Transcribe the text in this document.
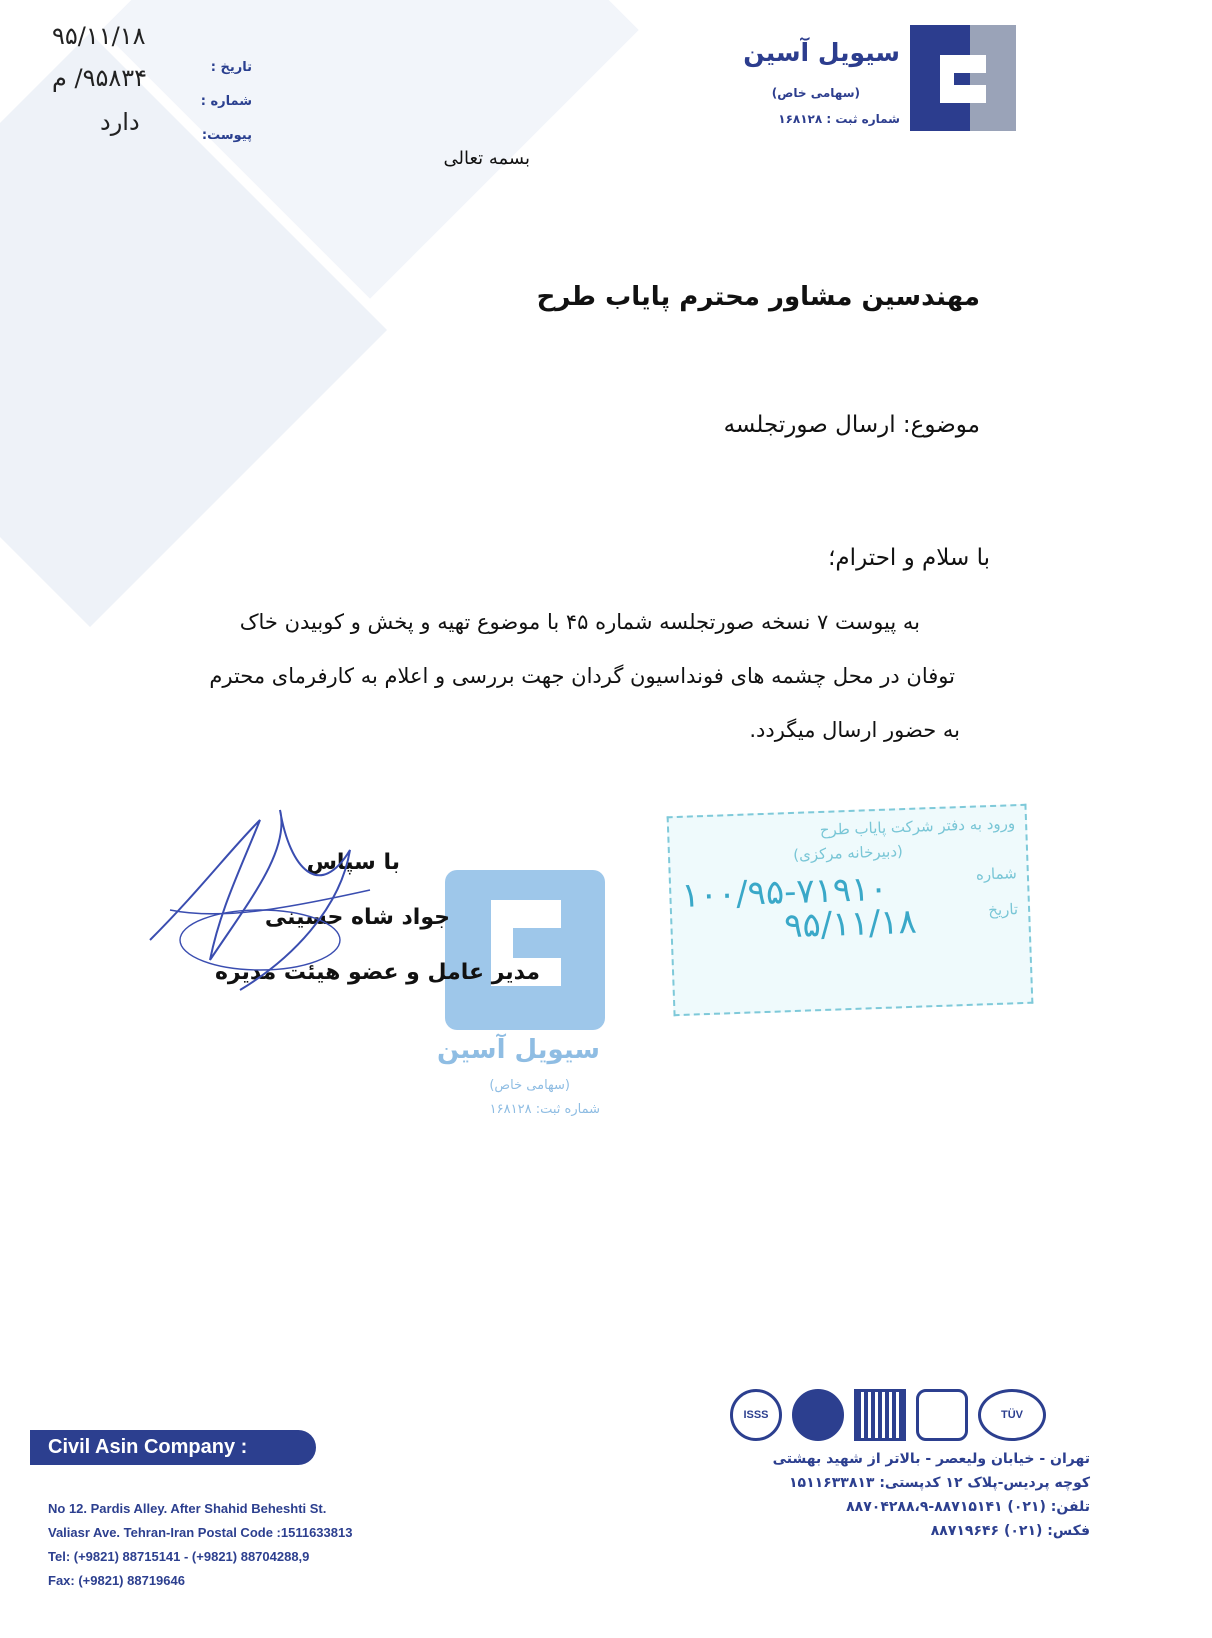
۹۵/۱۱/۱۸
۹۵۸۳۴/ م
دارد
تاریخ :
شماره :
پیوست:
سیویل آسین
(سهامی خاص)
شماره ثبت : ۱۶۸۱۲۸
بسمه تعالی
مهندسین مشاور محترم پایاب طرح
موضوع: ارسال صورتجلسه
با سلام و احترام؛
به پیوست ۷ نسخه صورتجلسه شماره ۴۵ با موضوع تهیه و پخش و کوبیدن خاک
توفان در محل چشمه های فونداسیون گردان جهت بررسی و اعلام به کارفرمای محترم
به حضور ارسال میگردد.
سیویل آسین
(سهامی خاص)
شماره ثبت: ۱۶۸۱۲۸
با سپاس
جواد شاه حسینی
مدیر عامل و عضو هیئت مدیره
ورود به دفتر شرکت پایاب طرح
(دبیرخانه مرکزی)
شماره
۱۰۰/۹۵-۷۱۹۱۰	تاریخ
۹۵/۱۱/۱۸
ISSS	TÜV
تهران - خیابان ولیعصر - بالاتر از شهید بهشتی
کوچه پردیس-پلاک ۱۲ کدپستی: ۱۵۱۱۶۳۳۸۱۳
تلفن: (۰۲۱) ۸۸۷۱۵۱۴۱-۸۸۷۰۴۲۸۸،۹
فکس: (۰۲۱) ۸۸۷۱۹۶۴۶
Civil Asin Company :
No 12. Pardis Alley. After Shahid Beheshti St.
Valiasr Ave. Tehran-Iran Postal Code :1511633813
Tel: (+9821) 88715141 - (+9821) 88704288,9
Fax: (+9821) 88719646
